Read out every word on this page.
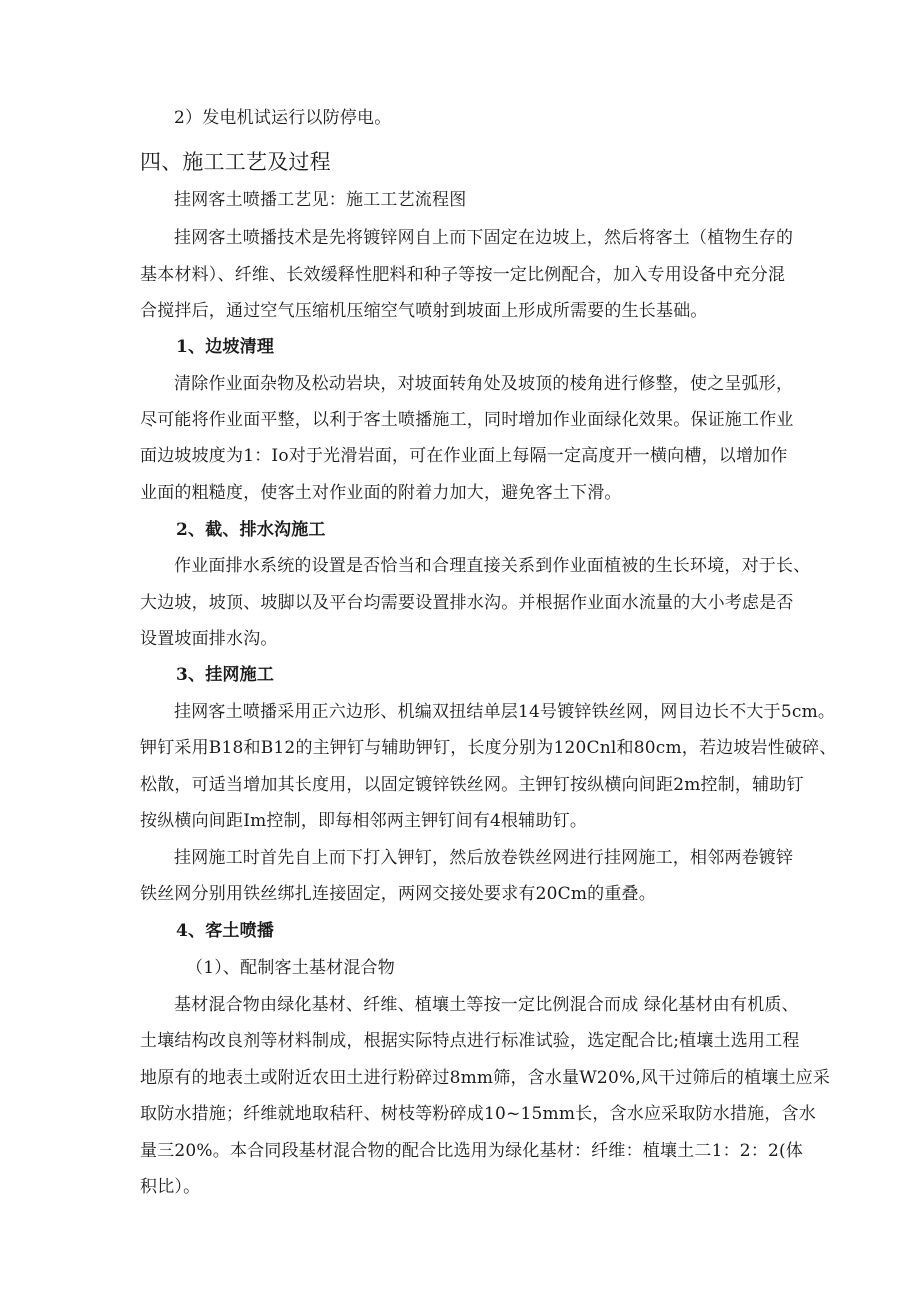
2）发电机试运行以防停电。
四、施工工艺及过程
挂网客土喷播工艺见：施工工艺流程图
挂网客土喷播技术是先将镀锌网自上而下固定在边坡上，然后将客土（植物生存的
基本材料）、纤维、长效缓释性肥料和种子等按一定比例配合，加入专用设备中充分混
合搅拌后，通过空气压缩机压缩空气喷射到坡面上形成所需要的生长基础。
1、边坡清理
清除作业面杂物及松动岩块，对坡面转角处及坡顶的棱角进行修整，使之呈弧形，
尽可能将作业面平整，以利于客土喷播施工，同时增加作业面绿化效果。保证施工作业
面边坡坡度为1：Io对于光滑岩面，可在作业面上每隔一定高度开一横向槽，以增加作
业面的粗糙度，使客土对作业面的附着力加大，避免客土下滑。
2、截、排水沟施工
作业面排水系统的设置是否恰当和合理直接关系到作业面植被的生长环境，对于长、
大边坡，坡顶、坡脚以及平台均需要设置排水沟。并根据作业面水流量的大小考虑是否
设置坡面排水沟。
3、挂网施工
挂网客土喷播采用正六边形、机编双扭结单层14号镀锌铁丝网，网目边长不大于5cm。
钾钉采用B18和B12的主钾钉与辅助钾钉，长度分别为120Cnl和80cm，若边坡岩性破碎、
松散，可适当增加其长度用，以固定镀锌铁丝网。主钾钉按纵横向间距2m控制，辅助钉
按纵横向间距Im控制，即每相邻两主钾钉间有4根辅助钉。
挂网施工时首先自上而下打入钾钉，然后放卷铁丝网进行挂网施工，相邻两卷镀锌
铁丝网分别用铁丝绑扎连接固定，两网交接处要求有20Cm的重叠。
4、客土喷播
（1）、配制客土基材混合物
基材混合物由绿化基材、纤维、植壤土等按一定比例混合而成 绿化基材由有机质、
土壤结构改良剂等材料制成，根据实际特点进行标准试验，选定配合比;植壤土选用工程
地原有的地表土或附近农田土进行粉碎过8mm筛，含水量W20%,风干过筛后的植壤土应采
取防水措施；纤维就地取秸秆、树枝等粉碎成10~15mm长，含水应采取防水措施，含水
量三20%。本合同段基材混合物的配合比选用为绿化基材：纤维：植壤土二1：2：2(体
积比）。
